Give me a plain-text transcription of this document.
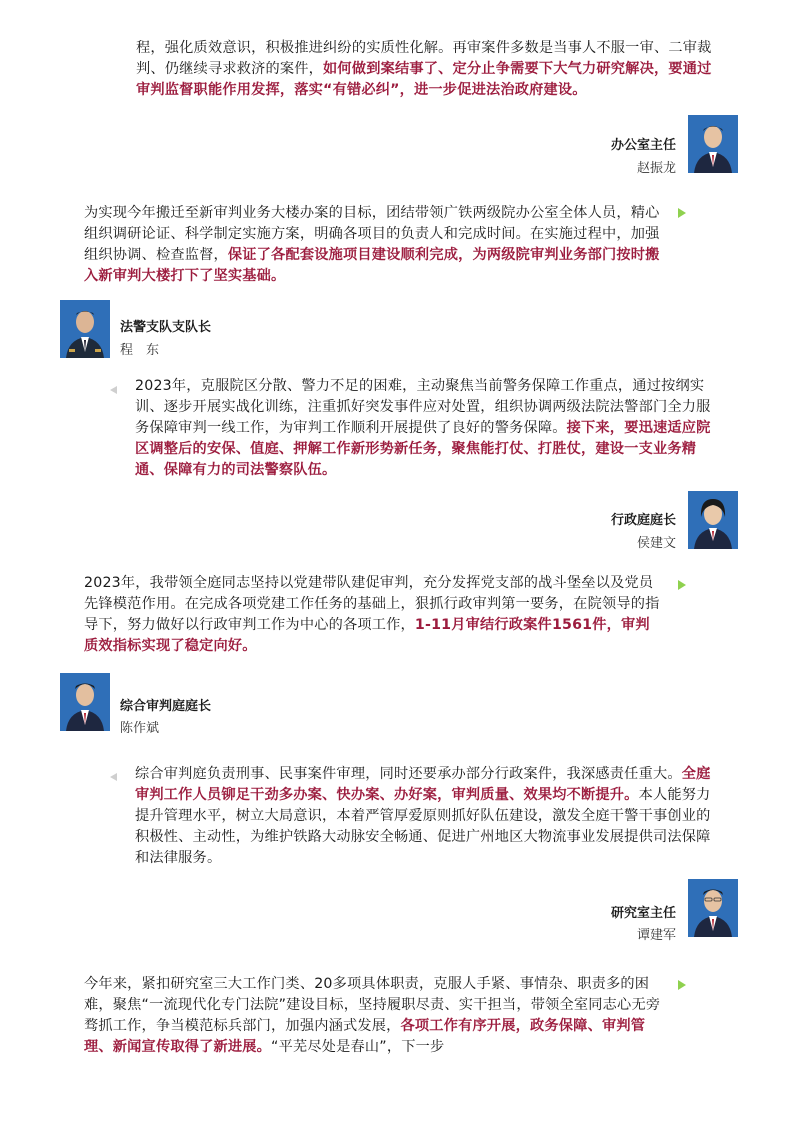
程，强化质效意识，积极推进纠纷的实质性化解。再审案件多数是当事人不服一审、二审裁判、仍继续寻求救济的案件，如何做到案结事了、定分止争需要下大气力研究解决，要通过审判监督职能作用发挥，落实“有错必纠”，进一步促进法治政府建设。

办公室主任
赵振龙

为实现今年搬迁至新审判业务大楼办案的目标，团结带领广铁两级院办公室全体人员，精心组织调研论证、科学制定实施方案，明确各项目的负责人和完成时间。在实施过程中，加强组织协调、检查监督，保证了各配套设施项目建设顺利完成，为两级院审判业务部门按时搬入新审判大楼打下了坚实基础。

法警支队支队长
程　东

2023年，克服院区分散、警力不足的困难，主动聚焦当前警务保障工作重点，通过按纲实训、逐步开展实战化训练，注重抓好突发事件应对处置，组织协调两级法院法警部门全力服务保障审判一线工作，为审判工作顺利开展提供了良好的警务保障。接下来，要迅速适应院区调整后的安保、值庭、押解工作新形势新任务，聚焦能打仗、打胜仗，建设一支业务精通、保障有力的司法警察队伍。

行政庭庭长
侯建文

2023年，我带领全庭同志坚持以党建带队建促审判，充分发挥党支部的战斗堡垒以及党员先锋模范作用。在完成各项党建工作任务的基础上，狠抓行政审判第一要务，在院领导的指导下，努力做好以行政审判工作为中心的各项工作，1-11月审结行政案件1561件，审判质效指标实现了稳定向好。

综合审判庭庭长
陈作斌

综合审判庭负责刑事、民事案件审理，同时还要承办部分行政案件，我深感责任重大。全庭审判工作人员铆足干劲多办案、快办案、办好案，审判质量、效果均不断提升。本人能努力提升管理水平，树立大局意识，本着严管厚爱原则抓好队伍建设，激发全庭干警干事创业的积极性、主动性，为维护铁路大动脉安全畅通、促进广州地区大物流事业发展提供司法保障和法律服务。

研究室主任
谭建军

今年来，紧扣研究室三大工作门类、20多项具体职责，克服人手紧、事情杂、职责多的困难，聚焦“一流现代化专门法院”建设目标，坚持履职尽责、实干担当，带领全室同志心无旁骛抓工作，争当模范标兵部门，加强内涵式发展，各项工作有序开展，政务保障、审判管理、新闻宣传取得了新进展。“平芜尽处是春山”，下一步
